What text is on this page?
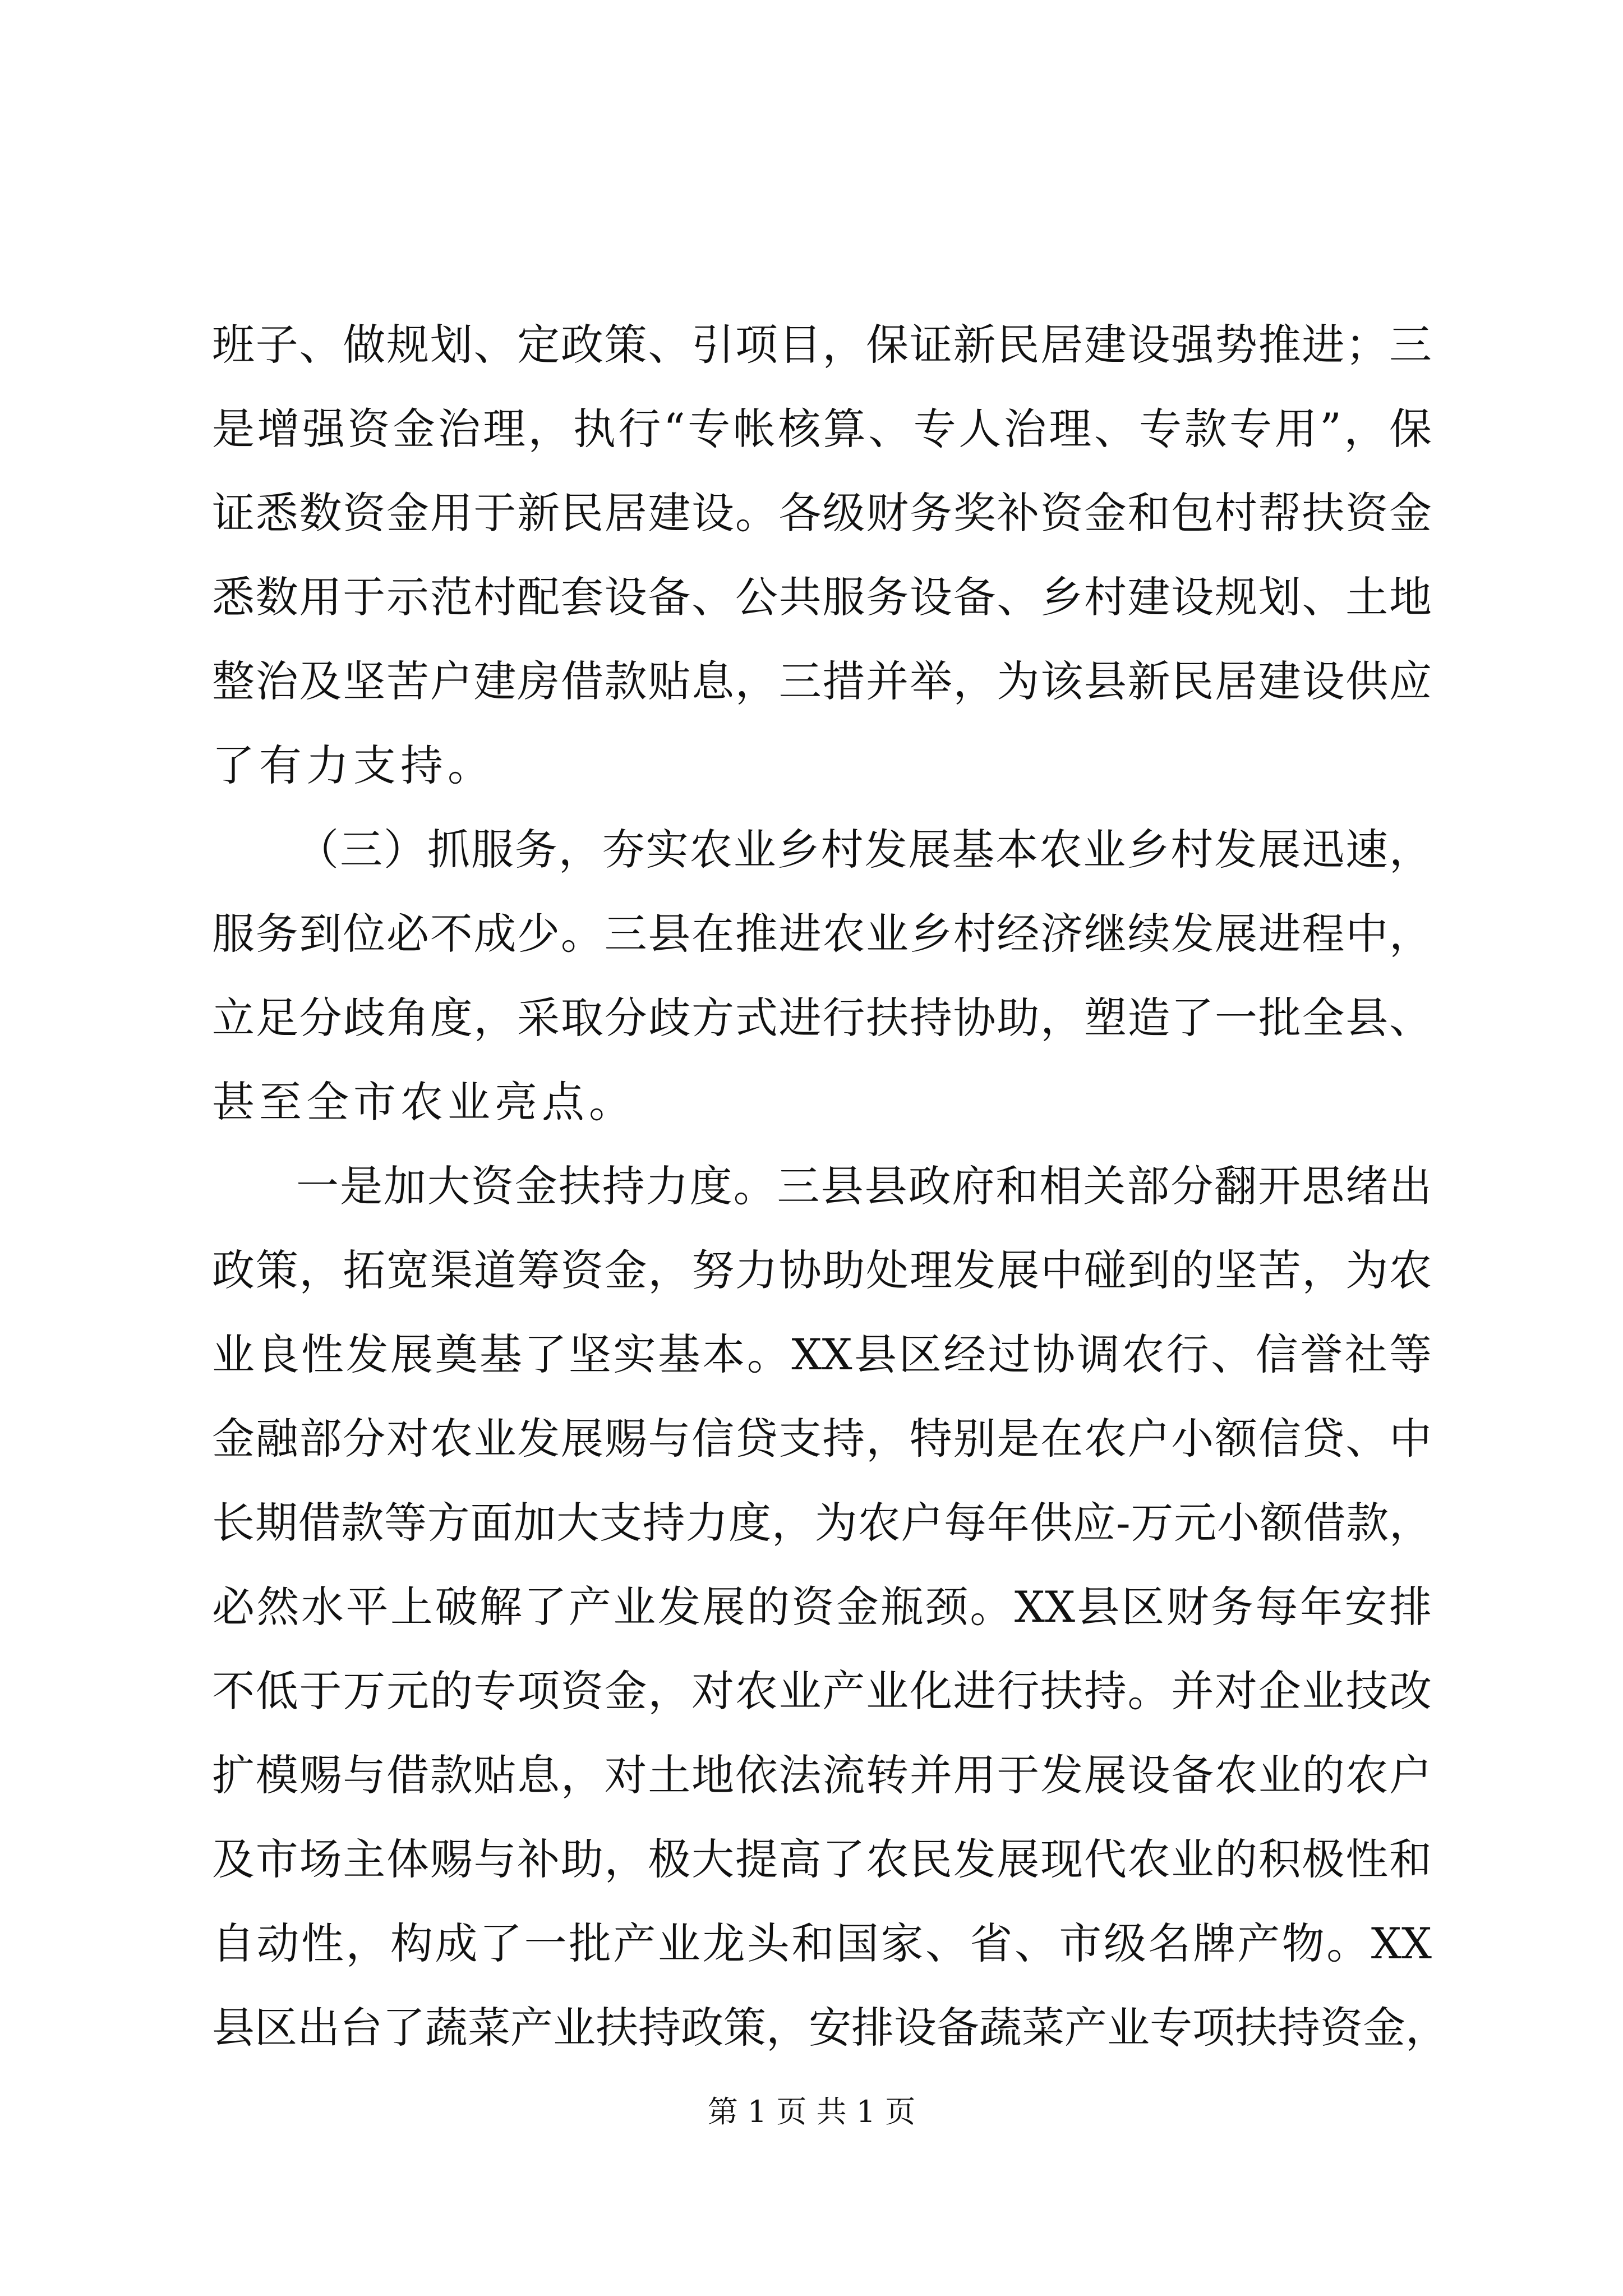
班子、做规划、定政策、引项目，保证新民居建设强势推进；三
是增强资金治理，执行“专帐核算、专人治理、专款专用”，保
证悉数资金用于新民居建设。各级财务奖补资金和包村帮扶资金
悉数用于示范村配套设备、公共服务设备、乡村建设规划、土地
整治及坚苦户建房借款贴息，三措并举，为该县新民居建设供应
了有力支持。
（三）抓服务，夯实农业乡村发展基本农业乡村发展迅速，
服务到位必不成少。三县在推进农业乡村经济继续发展进程中，
立足分歧角度，采取分歧方式进行扶持协助，塑造了一批全县、
甚至全市农业亮点。
一是加大资金扶持力度。三县县政府和相关部分翻开思绪出
政策，拓宽渠道筹资金，努力协助处理发展中碰到的坚苦，为农
业良性发展奠基了坚实基本。XX县区经过协调农行、信誉社等
金融部分对农业发展赐与信贷支持，特别是在农户小额信贷、中
长期借款等方面加大支持力度，为农户每年供应-万元小额借款，
必然水平上破解了产业发展的资金瓶颈。XX县区财务每年安排
不低于万元的专项资金，对农业产业化进行扶持。并对企业技改
扩模赐与借款贴息，对土地依法流转并用于发展设备农业的农户
及市场主体赐与补助，极大提高了农民发展现代农业的积极性和
自动性，构成了一批产业龙头和国家、省、市级名牌产物。XX
县区出台了蔬菜产业扶持政策，安排设备蔬菜产业专项扶持资金，
第 1 页 共 1 页
